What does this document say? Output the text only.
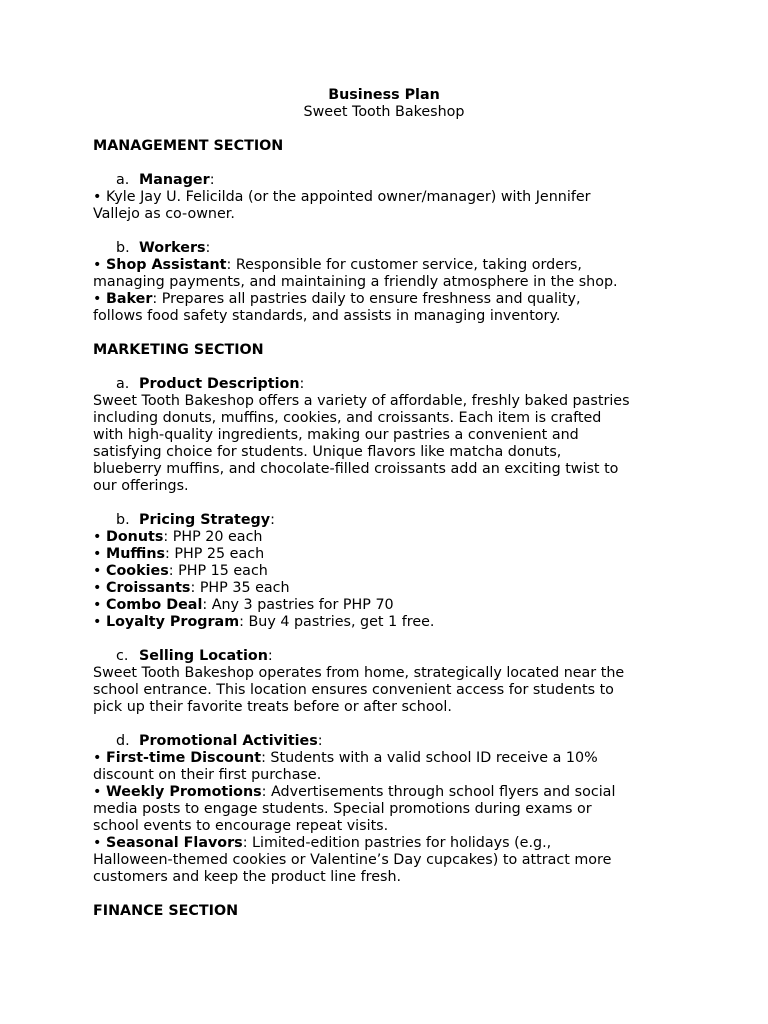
Business Plan
Sweet Tooth Bakeshop
MANAGEMENT SECTION
a. Manager:
• Kyle Jay U. Felicilda (or the appointed owner/manager) with Jennifer
Vallejo as co-owner.
b. Workers:
• Shop Assistant: Responsible for customer service, taking orders,
managing payments, and maintaining a friendly atmosphere in the shop.
• Baker: Prepares all pastries daily to ensure freshness and quality,
follows food safety standards, and assists in managing inventory.
MARKETING SECTION
a. Product Description:
Sweet Tooth Bakeshop offers a variety of affordable, freshly baked pastries
including donuts, muffins, cookies, and croissants. Each item is crafted
with high-quality ingredients, making our pastries a convenient and
satisfying choice for students. Unique flavors like matcha donuts,
blueberry muffins, and chocolate-filled croissants add an exciting twist to
our offerings.
b. Pricing Strategy:
• Donuts: PHP 20 each
• Muffins: PHP 25 each
• Cookies: PHP 15 each
• Croissants: PHP 35 each
• Combo Deal: Any 3 pastries for PHP 70
• Loyalty Program: Buy 4 pastries, get 1 free.
c. Selling Location:
Sweet Tooth Bakeshop operates from home, strategically located near the
school entrance. This location ensures convenient access for students to
pick up their favorite treats before or after school.
d. Promotional Activities:
• First-time Discount: Students with a valid school ID receive a 10%
discount on their first purchase.
• Weekly Promotions: Advertisements through school flyers and social
media posts to engage students. Special promotions during exams or
school events to encourage repeat visits.
• Seasonal Flavors: Limited-edition pastries for holidays (e.g.,
Halloween-themed cookies or Valentine’s Day cupcakes) to attract more
customers and keep the product line fresh.
FINANCE SECTION
